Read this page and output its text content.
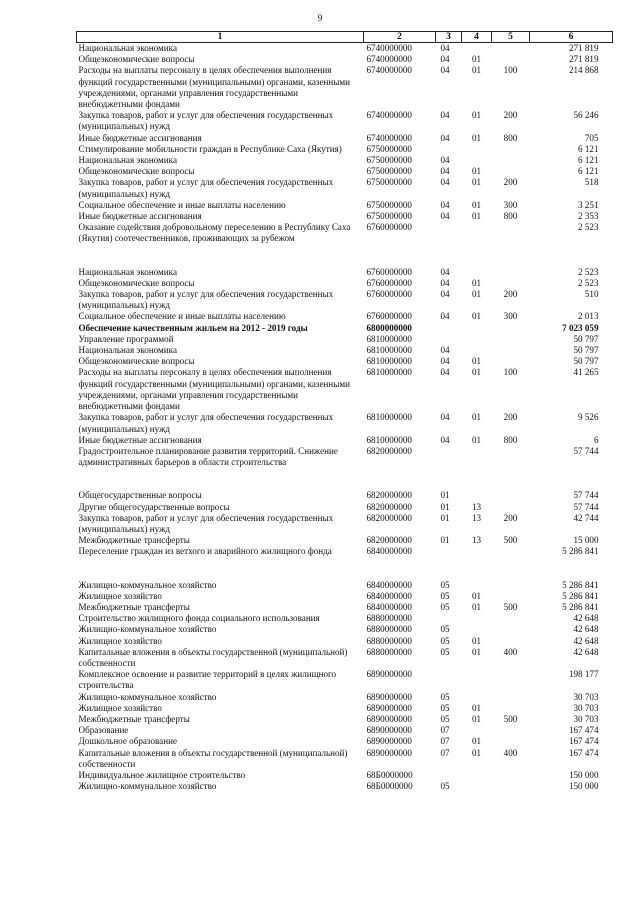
9
1	2	3	4	5	6
Национальная экономика	6740000000	04			271 819
Общеэкономические вопросы	6740000000	04	01		271 819
Расходы на выплаты персоналу в целях обеспечения выполнения функций государственными (муниципальными) органами, казенными учреждениями, органами управления государственными внебюджетными фондами	6740000000	04	01	100	214 868
Закупка товаров, работ и услуг для обеспечения государственных (муниципальных) нужд	6740000000	04	01	200	56 246
Иные бюджетные ассигнования	6740000000	04	01	800	705
Стимулирование мобильности граждан в Республике Саха (Якутия)	6750000000				6 121
Национальная экономика	6750000000	04			6 121
Общеэкономические вопросы	6750000000	04	01		6 121
Закупка товаров, работ и услуг для обеспечения государственных (муниципальных) нужд	6750000000	04	01	200	518
Социальное обеспечение и иные выплаты населению	6750000000	04	01	300	3 251
Иные бюджетные ассигнования	6750000000	04	01	800	2 353
Оказание содействия добровольному переселению в Республику Саха (Якутия) соотечественников, проживающих за рубежом	6760000000				2 523

Национальная экономика	6760000000	04			2 523
Общеэкономические вопросы	6760000000	04	01		2 523
Закупка товаров, работ и услуг для обеспечения государственных (муниципальных) нужд	6760000000	04	01	200	510
Социальное обеспечение и иные выплаты населению	6760000000	04	01	300	2 013
Обеспечение качественным жильем на 2012 - 2019 годы	6800000000				7 023 059
Управление программой	6810000000				50 797
Национальная экономика	6810000000	04			50 797
Общеэкономические вопросы	6810000000	04	01		50 797
Расходы на выплаты персоналу в целях обеспечения выполнения функций государственными (муниципальными) органами, казенными учреждениями, органами управления государственными внебюджетными фондами	6810000000	04	01	100	41 265
Закупка товаров, работ и услуг для обеспечения государственных (муниципальных) нужд	6810000000	04	01	200	9 526
Иные бюджетные ассигнования	6810000000	04	01	800	6
Градостроительное планирование развития территорий. Снижение административных барьеров в области строительства	6820000000				57 744

Общегосударственные вопросы	6820000000	01			57 744
Другие общегосударственные вопросы	6820000000	01	13		57 744
Закупка товаров, работ и услуг для обеспечения государственных (муниципальных) нужд	6820000000	01	13	200	42 744
Межбюджетные трансферты	6820000000	01	13	500	15 000
Переселение граждан из ветхого и аварийного жилищного фонда	6840000000				5 286 841

Жилищно-коммунальное хозяйство	6840000000	05			5 286 841
Жилищное хозяйство	6840000000	05	01		5 286 841
Межбюджетные трансферты	6840000000	05	01	500	5 286 841
Строительство жилищного фонда социального использования	6880000000				42 648
Жилищно-коммунальное хозяйство	6880000000	05			42 648
Жилищное хозяйство	6880000000	05	01		42 648
Капитальные вложения в объекты государственной (муниципальной) собственности	6880000000	05	01	400	42 648
Комплексное освоение и развитие территорий в целях жилищного строительства	6890000000				198 177
Жилищно-коммунальное хозяйство	6890000000	05			30 703
Жилищное хозяйство	6890000000	05	01		30 703
Межбюджетные трансферты	6890000000	05	01	500	30 703
Образование	6890000000	07			167 474
Дошкольное образование	6890000000	07	01		167 474
Капитальные вложения в объекты государственной (муниципальной) собственности	6890000000	07	01	400	167 474
Индивидуальное жилищное строительство	68Б0000000				150 000
Жилищно-коммунальное хозяйство	68Б0000000	05			150 000
